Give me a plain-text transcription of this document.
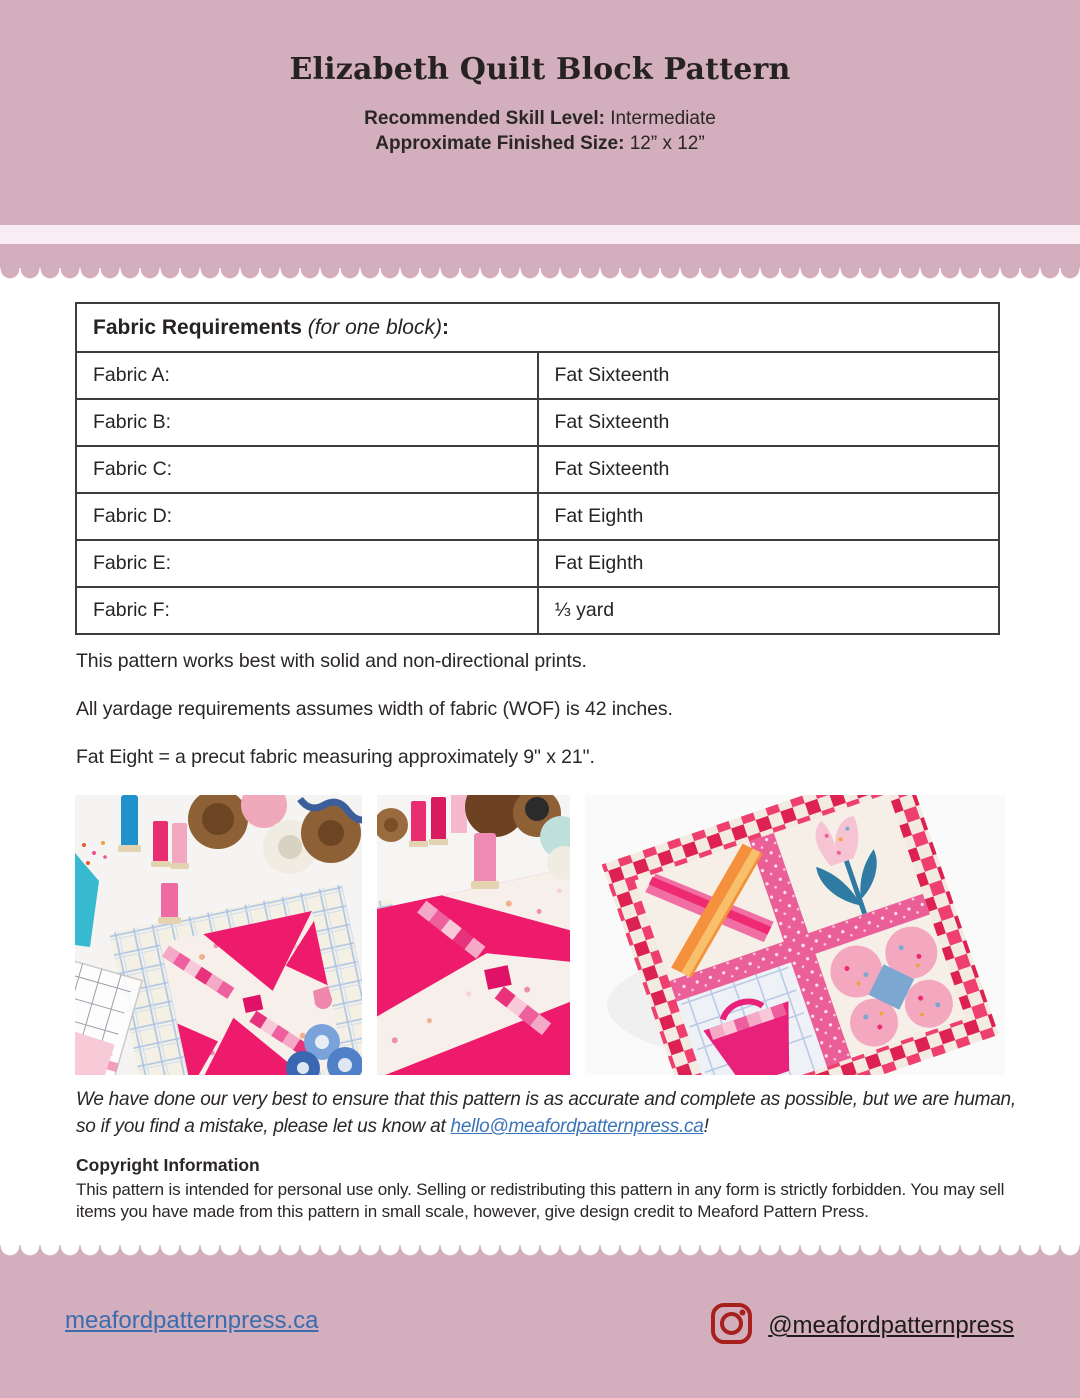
Elizabeth Quilt Block Pattern
Recommended Skill Level: Intermediate
Approximate Finished Size: 12” x 12”
Fabric Requirements (for one block):	
Fabric A:	Fat Sixteenth
Fabric B:	Fat Sixteenth
Fabric C:	Fat Sixteenth
Fabric D:	Fat Eighth
Fabric E:	Fat Eighth
Fabric F:	⅓ yard

This pattern works best with solid and non-directional prints.

All yardage requirements assumes width of fabric (WOF) is 42 inches.

Fat Eight = a precut fabric measuring approximately 9" x 21".

We have done our very best to ensure that this pattern is as accurate and complete as possible, but we are human, so if you find a mistake, please let us know at hello@meafordpatternpress.ca!

Copyright Information

This pattern is intended for personal use only. Selling or redistributing this pattern in any form is strictly forbidden. You may sell items you have made from this pattern in small scale, however, give design credit to Meaford Pattern Press.

meafordpatternpress.ca	@meafordpatternpress
